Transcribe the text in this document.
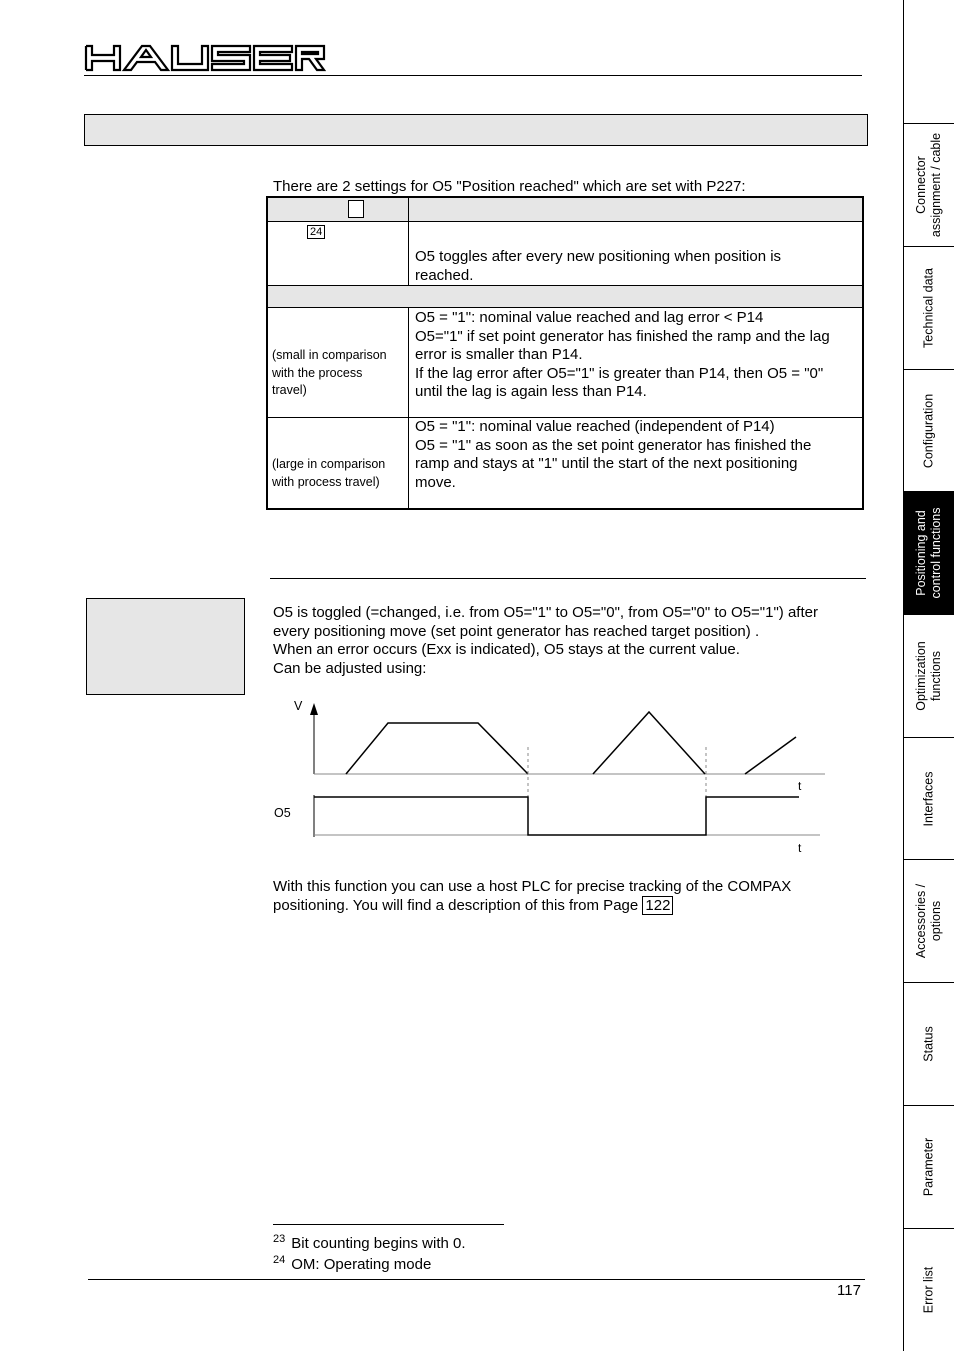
There are 2 settings for O5 "Position reached" which are set with P227:
24
O5 toggles after every new positioning when position is
reached.
(small in comparison
with the process
travel)
O5 = "1": nominal value reached and lag error < P14
O5="1" if set point generator has finished the ramp and the lag
error is smaller than P14.
If the lag error after O5="1" is greater than P14, then O5 = "0"
until the lag is again less than P14.
(large in comparison
with process travel)
O5 = "1": nominal value reached (independent of P14)
O5 = "1" as soon as the set point generator has finished the
ramp and stays at "1" until the start of the next positioning
move.
O5 is toggled (=changed, i.e. from O5="1" to O5="0", from O5="0" to O5="1") after
every positioning move (set point generator has reached target position) .
When an error occurs (Exx is indicated), O5 stays at the current value.
Can be adjusted using:
V
O5
t
t
With this function you can use a host PLC for precise tracking of the COMPAX
positioning. You will find a description of this from Page 122
$^{23}$ Bit counting begins with 0.
$^{24}$ OM: Operating mode
117
Connector assignment / cable
Technical data
Configuration
Positioning and control functions
Optimization functions
Interfaces
Accessories / options
Status
Parameter
Error list
